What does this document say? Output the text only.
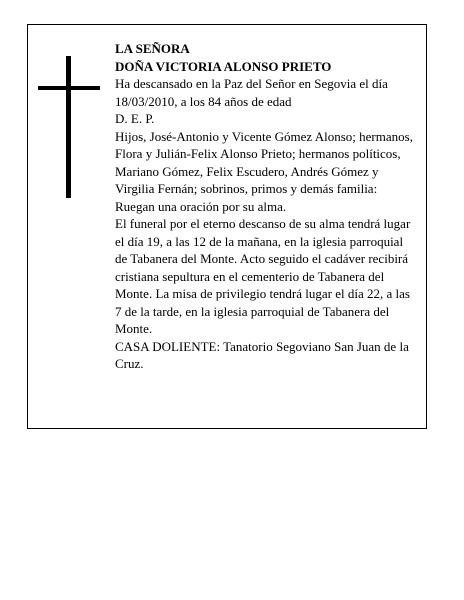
LA SEÑORA

DOÑA VICTORIA ALONSO PRIETO

Ha descansado en la Paz del Señor en Segovia el día 18/03/2010, a los 84 años de edad

D. E. P.

Hijos, José-Antonio y Vicente Gómez Alonso; hermanos, Flora y Julián-Felix Alonso Prieto; hermanos políticos, Mariano Gómez, Felix Escudero, Andrés Gómez y Virgilia Fernán; sobrinos, primos y demás familia:

Ruegan una oración por su alma.

El funeral por el eterno descanso de su alma tendrá lugar el día 19, a las 12 de la mañana, en la iglesia parroquial de Tabanera del Monte. Acto seguido el cadáver recibirá cristiana sepultura en el cementerio de Tabanera del Monte. La misa de privilegio tendrá lugar el día 22, a las 7 de la tarde, en la iglesia parroquial de Tabanera del Monte.

CASA DOLIENTE: Tanatorio Segoviano San Juan de la Cruz.
